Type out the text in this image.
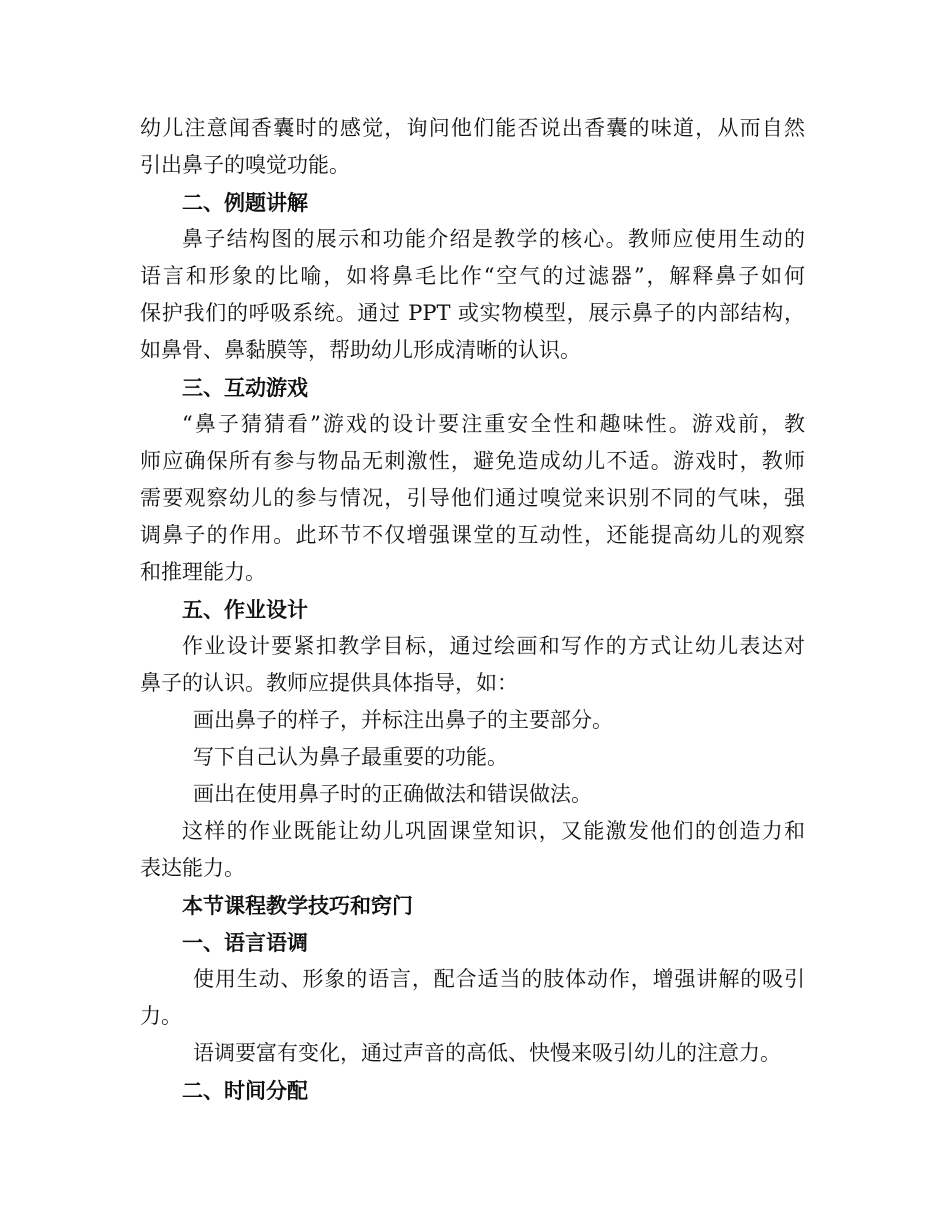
幼儿注意闻香囊时的感觉，询问他们能否说出香囊的味道，从而自然
引出鼻子的嗅觉功能。
二、例题讲解
鼻子结构图的展示和功能介绍是教学的核心。教师应使用生动的
语言和形象的比喻，如将鼻毛比作“空气的过滤器”，解释鼻子如何
保护我们的呼吸系统。通过 PPT 或实物模型，展示鼻子的内部结构，
如鼻骨、鼻黏膜等，帮助幼儿形成清晰的认识。
三、互动游戏
“鼻子猜猜看”游戏的设计要注重安全性和趣味性。游戏前，教
师应确保所有参与物品无刺激性，避免造成幼儿不适。游戏时，教师
需要观察幼儿的参与情况，引导他们通过嗅觉来识别不同的气味，强
调鼻子的作用。此环节不仅增强课堂的互动性，还能提高幼儿的观察
和推理能力。
五、作业设计
作业设计要紧扣教学目标，通过绘画和写作的方式让幼儿表达对
鼻子的认识。教师应提供具体指导，如：
画出鼻子的样子，并标注出鼻子的主要部分。
写下自己认为鼻子最重要的功能。
画出在使用鼻子时的正确做法和错误做法。
这样的作业既能让幼儿巩固课堂知识，又能激发他们的创造力和
表达能力。
本节课程教学技巧和窍门
一、语言语调
使用生动、形象的语言，配合适当的肢体动作，增强讲解的吸引
力。
语调要富有变化，通过声音的高低、快慢来吸引幼儿的注意力。
二、时间分配
